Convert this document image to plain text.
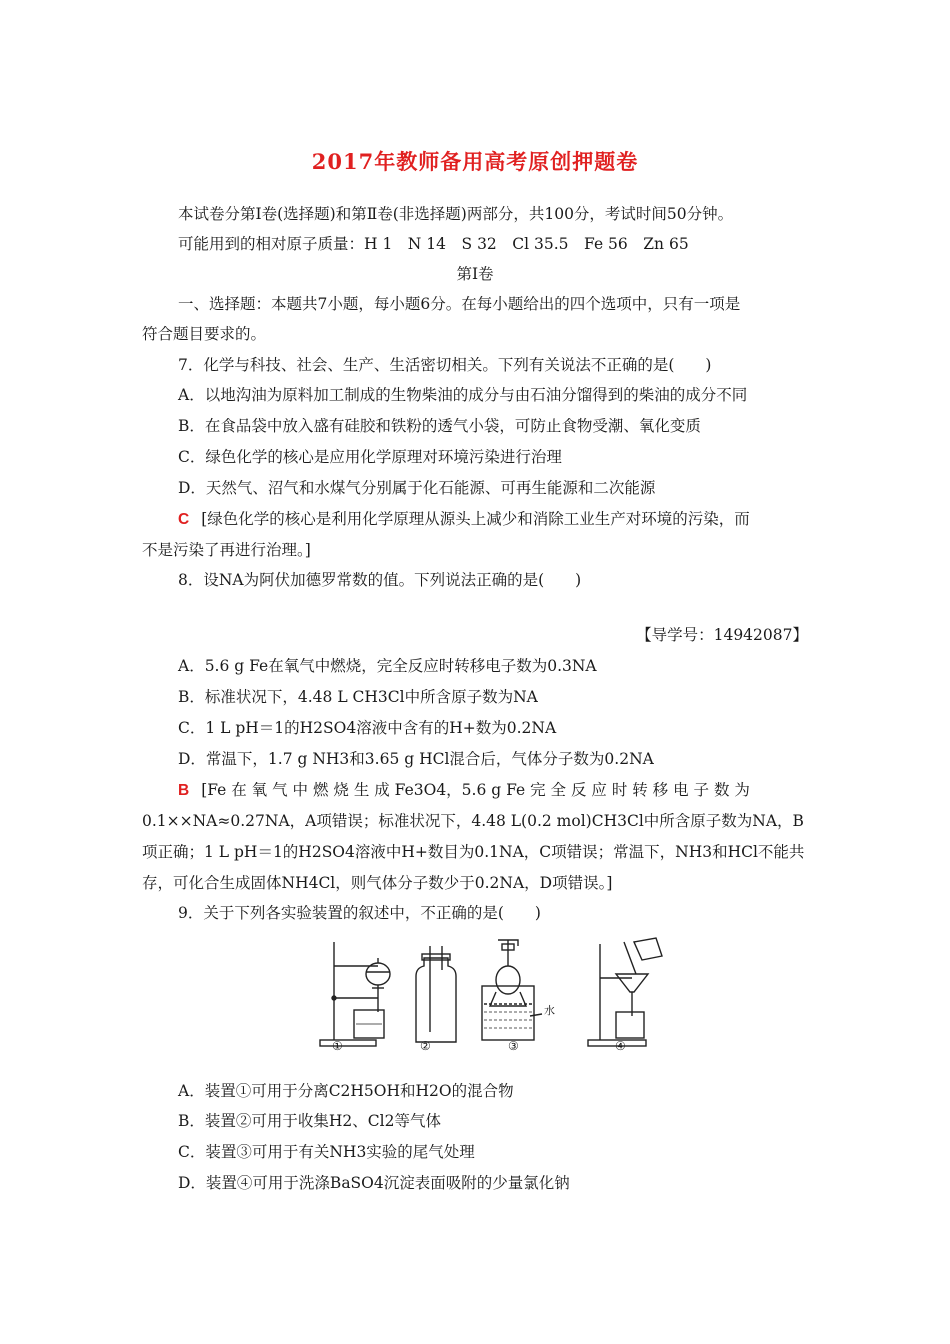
2017年教师备用高考原创押题卷
本试卷分第Ⅰ卷(选择题)和第Ⅱ卷(非选择题)两部分，共100分，考试时间50分钟。
可能用到的相对原子质量：H 1　N 14　S 32　Cl 35.5　Fe 56　Zn 65
第Ⅰ卷
一、选择题：本题共7小题，每小题6分。在每小题给出的四个选项中，只有一项是
符合题目要求的。
7．化学与科技、社会、生产、生活密切相关。下列有关说法不正确的是(　　)
A．以地沟油为原料加工制成的生物柴油的成分与由石油分馏得到的柴油的成分不同
B．在食品袋中放入盛有硅胶和铁粉的透气小袋，可防止食物受潮、氧化变质
C．绿色化学的核心是应用化学原理对环境污染进行治理
D．天然气、沼气和水煤气分别属于化石能源、可再生能源和二次能源
C [绿色化学的核心是利用化学原理从源头上减少和消除工业生产对环境的污染，而
不是污染了再进行治理。]
8．设NA为阿伏加德罗常数的值。下列说法正确的是(　　)
【导学号：14942087】
A．5.6 g Fe在氧气中燃烧，完全反应时转移电子数为0.3NA
B．标准状况下，4.48 L CH3Cl中所含原子数为NA
C．1 L pH＝1的H2SO4溶液中含有的H+数为0.2NA
D．常温下，1.7 g NH3和3.65 g HCl混合后，气体分子数为0.2NA
B [Fe 在 氧 气 中 燃 烧 生 成 Fe3O4，5.6 g Fe 完 全 反 应 时 转 移 电 子 数 为
0.1××NA≈0.27NA，A项错误；标准状况下，4.48 L(0.2 mol)CH3Cl中所含原子数为NA，B
项正确；1 L pH＝1的H2SO4溶液中H+数目为0.1NA，C项错误；常温下，NH3和HCl不能共
存，可化合生成固体NH4Cl，则气体分子数少于0.2NA，D项错误。]
9．关于下列各实验装置的叙述中，不正确的是(　　)
①	②	③	④
水
A．装置①可用于分离C2H5OH和H2O的混合物
B．装置②可用于收集H2、Cl2等气体
C．装置③可用于有关NH3实验的尾气处理
D．装置④可用于洗涤BaSO4沉淀表面吸附的少量氯化钠
